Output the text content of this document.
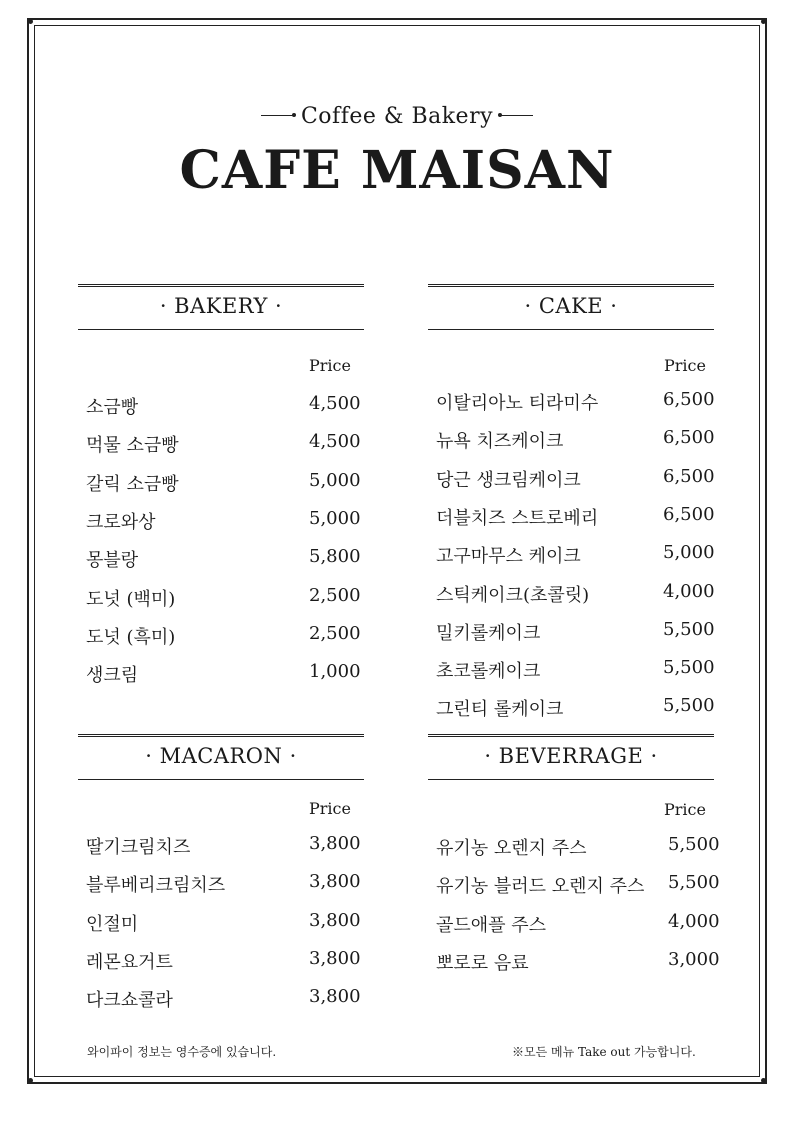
Coffee & Bakery
CAFE MAISAN
· BAKERY ·
Price
소금빵	4,500
먹물 소금빵	4,500
갈릭 소금빵	5,000
크로와상	5,000
몽블랑	5,800
도넛 (백미)	2,500
도넛 (흑미)	2,500
생크림	1,000
· CAKE ·
Price
이탈리아노 티라미수	6,500
뉴욕 치즈케이크	6,500
당근 생크림케이크	6,500
더블치즈 스트로베리	6,500
고구마무스 케이크	5,000
스틱케이크(초콜릿)	4,000
밀키롤케이크	5,500
초코롤케이크	5,500
그린티 롤케이크	5,500
· MACARON ·
Price
딸기크림치즈	3,800
블루베리크림치즈	3,800
인절미	3,800
레몬요거트	3,800
다크쇼콜라	3,800
· BEVERRAGE ·
Price
유기농 오렌지 주스	5,500
유기농 블러드 오렌지 주스 5,500
골드애플 주스	4,000
뽀로로 음료	3,000
와이파이 정보는 영수증에 있습니다.	※모든 메뉴 Take out 가능합니다.
